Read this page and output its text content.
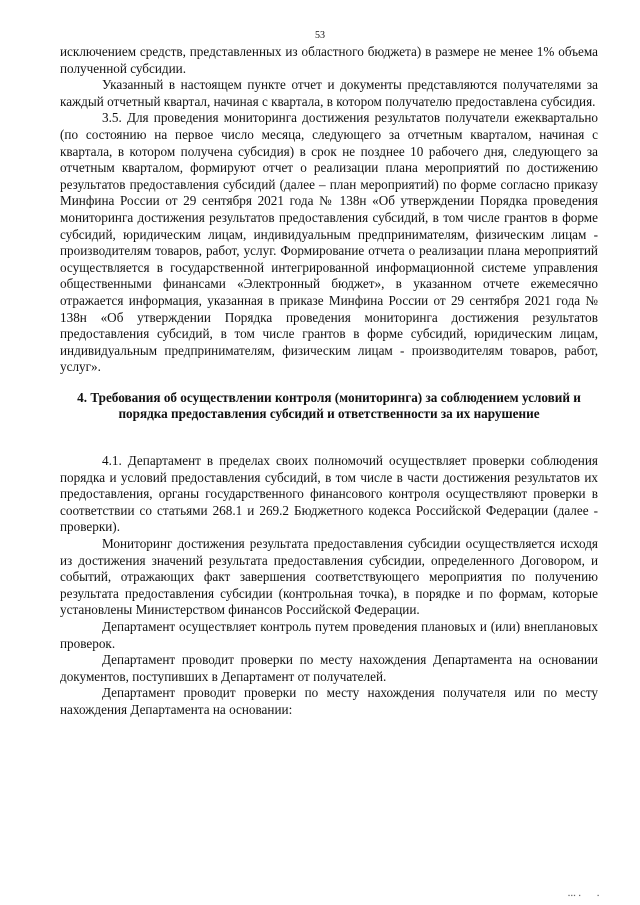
53

исключением средств, представленных из областного бюджета) в размере не менее 1% объема полученной субсидии.

Указанный в настоящем пункте отчет и документы представляются получателями за каждый отчетный квартал, начиная с квартала, в котором получателю предоставлена субсидия.

3.5. Для проведения мониторинга достижения результатов получатели ежеквартально (по состоянию на первое число месяца, следующего за отчетным кварталом, начиная с квартала, в котором получена субсидия) в срок не позднее 10 рабочего дня, следующего за отчетным кварталом, формируют отчет о реализации плана мероприятий по достижению результатов предоставления субсидий (далее – план мероприятий) по форме согласно приказу Минфина России от 29 сентября 2021 года № 138н «Об утверждении Порядка проведения мониторинга достижения результатов предоставления субсидий, в том числе грантов в форме субсидий, юридическим лицам, индивидуальным предпринимателям, физическим лицам - производителям товаров, работ, услуг. Формирование отчета о реализации плана мероприятий осуществляется в государственной интегрированной информационной системе управления общественными финансами «Электронный бюджет», в указанном отчете ежемесячно отражается информация, указанная в приказе Минфина России от 29 сентября 2021 года № 138н «Об утверждении Порядка проведения мониторинга достижения результатов предоставления субсидий, в том числе грантов в форме субсидий, юридическим лицам, индивидуальным предпринимателям, физическим лицам - производителям товаров, работ, услуг».

4. Требования об осуществлении контроля (мониторинга) за соблюдением условий и порядка предоставления субсидий и ответственности за их нарушение

4.1. Департамент в пределах своих полномочий осуществляет проверки соблюдения порядка и условий предоставления субсидий, в том числе в части достижения результатов их предоставления, органы государственного финансового контроля осуществляют проверки в соответствии со статьями 268.1 и 269.2 Бюджетного кодекса Российской Федерации (далее - проверки).

Мониторинг достижения результата предоставления субсидии осуществляется исходя из достижения значений результата предоставления субсидии, определенного Договором, и событий, отражающих факт завершения соответствующего мероприятия по получению результата предоставления субсидии (контрольная точка), в порядке и по формам, которые установлены Министерством финансов Российской Федерации.

Департамент осуществляет контроль путем проведения плановых и (или) внеплановых проверок.

Департамент проводит проверки по месту нахождения Департамента на основании документов, поступивших в Департамент от получателей.

Департамент проводит проверки по месту нахождения получателя или по месту нахождения Департамента на основании:

▪▪▪ ▪       ▪
